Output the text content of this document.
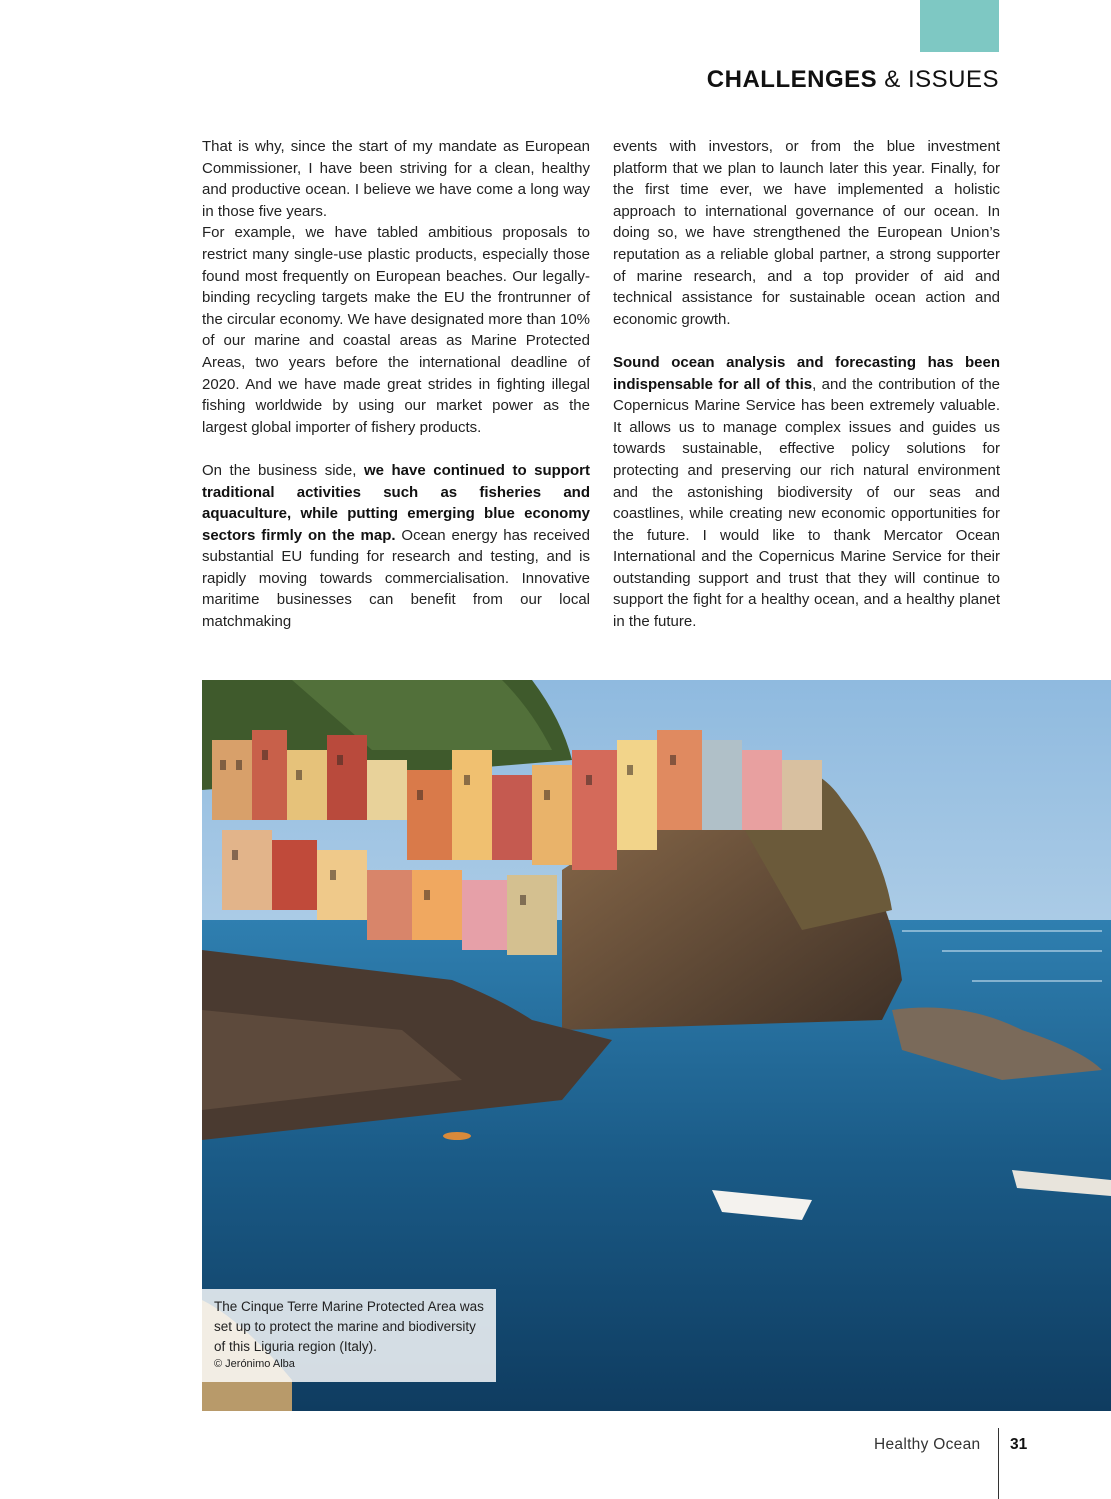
CHALLENGES & ISSUES

That is why, since the start of my mandate as European Commissioner, I have been striving for a clean, healthy and productive ocean. I believe we have come a long way in those five years.

For example, we have tabled ambitious proposals to restrict many single-use plastic products, especially those found most frequently on European beaches. Our legally-binding recycling targets make the EU the frontrunner of the circular economy. We have designated more than 10% of our marine and coastal areas as Marine Protected Areas, two years before the international deadline of 2020. And we have made great strides in fighting illegal fishing worldwide by using our market power as the largest global importer of fishery products.

On the business side, we have continued to support traditional activities such as fisheries and aquaculture, while putting emerging blue economy sectors firmly on the map. Ocean energy has received substantial EU funding for research and testing, and is rapidly moving towards commercialisation. Innovative maritime businesses can benefit from our local matchmaking

events with investors, or from the blue investment platform that we plan to launch later this year. Finally, for the first time ever, we have implemented a holistic approach to international governance of our ocean. In doing so, we have strengthened the European Union’s reputation as a reliable global partner, a strong supporter of marine research, and a top provider of aid and technical assistance for sustainable ocean action and economic growth.

Sound ocean analysis and forecasting has been indispensable for all of this, and the contribution of the Copernicus Marine Service has been extremely valuable. It allows us to manage complex issues and guides us towards sustainable, effective policy solutions for protecting and preserving our rich natural environment and the astonishing biodiversity of our seas and coastlines, while creating new economic opportunities for the future. I would like to thank Mercator Ocean International and the Copernicus Marine Service for their outstanding support and trust that they will continue to support the fight for a healthy ocean, and a healthy planet in the future.

The Cinque Terre Marine Protected Area was set up to protect the marine and biodiversity of this Liguria region (Italy).
© Jerónimo Alba
Healthy Ocean 31
